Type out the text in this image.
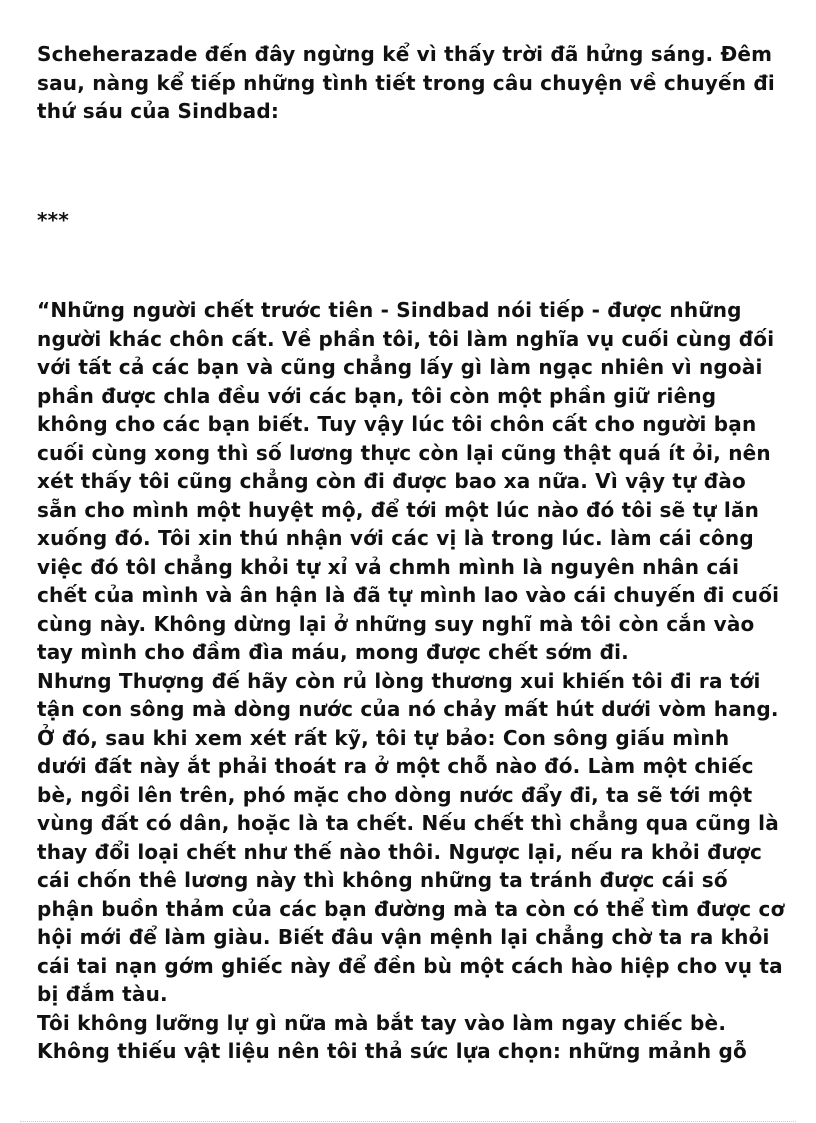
Scheherazade đến đây ngừng kể vì thấy trời đã hửng sáng. Đêm
sau, nàng kể tiếp những tình tiết trong câu chuyện về chuyến đi
thứ sáu của Sindbad:
***
“Những người chết trước tiên - Sindbad nói tiếp - được những
người khác chôn cất. Về phần tôi, tôi làm nghĩa vụ cuối cùng đối
với tất cả các bạn và cũng chẳng lấy gì làm ngạc nhiên vì ngoài
phần được chla đều với các bạn, tôi còn một phần giữ riêng
không cho các bạn biết. Tuy vậy lúc tôi chôn cất cho người bạn
cuối cùng xong thì số lương thực còn lại cũng thật quá ít ỏi, nên
xét thấy tôi cũng chẳng còn đi được bao xa nữa. Vì vậy tự đào
sẵn cho mình một huyệt mộ, để tới một lúc nào đó tôi sẽ tự lăn
xuống đó. Tôi xin thú nhận với các vị là trong lúc. làm cái công
việc đó tôl chẳng khỏi tự xỉ vả chmh mình là nguyên nhân cái
chết của mình và ân hận là đã tự mình lao vào cái chuyến đi cuối
cùng này. Không dừng lại ở những suy nghĩ mà tôi còn cắn vào
tay mình cho đầm đìa máu, mong được chết sớm đi.
Nhưng Thượng đế hãy còn rủ lòng thương xui khiến tôi đi ra tới
tận con sông mà dòng nước của nó chảy mất hút dưới vòm hang.
Ở đó, sau khi xem xét rất kỹ, tôi tự bảo: Con sông giấu mình
dưới đất này ắt phải thoát ra ở một chỗ nào đó. Làm một chiếc
bè, ngồi lên trên, phó mặc cho dòng nước đẩy đi, ta sẽ tới một
vùng đất có dân, hoặc là ta chết. Nếu chết thì chẳng qua cũng là
thay đổi loại chết như thế nào thôi. Ngược lại, nếu ra khỏi được
cái chốn thê lương này thì không những ta tránh được cái số
phận buồn thảm của các bạn đường mà ta còn có thể tìm được cơ
hội mới để làm giàu. Biết đâu vận mệnh lại chẳng chờ ta ra khỏi
cái tai nạn gớm ghiếc này để đền bù một cách hào hiệp cho vụ ta
bị đắm tàu.
Tôi không lưỡng lự gì nữa mà bắt tay vào làm ngay chiếc bè.
Không thiếu vật liệu nên tôi thả sức lựa chọn: những mảnh gỗ
